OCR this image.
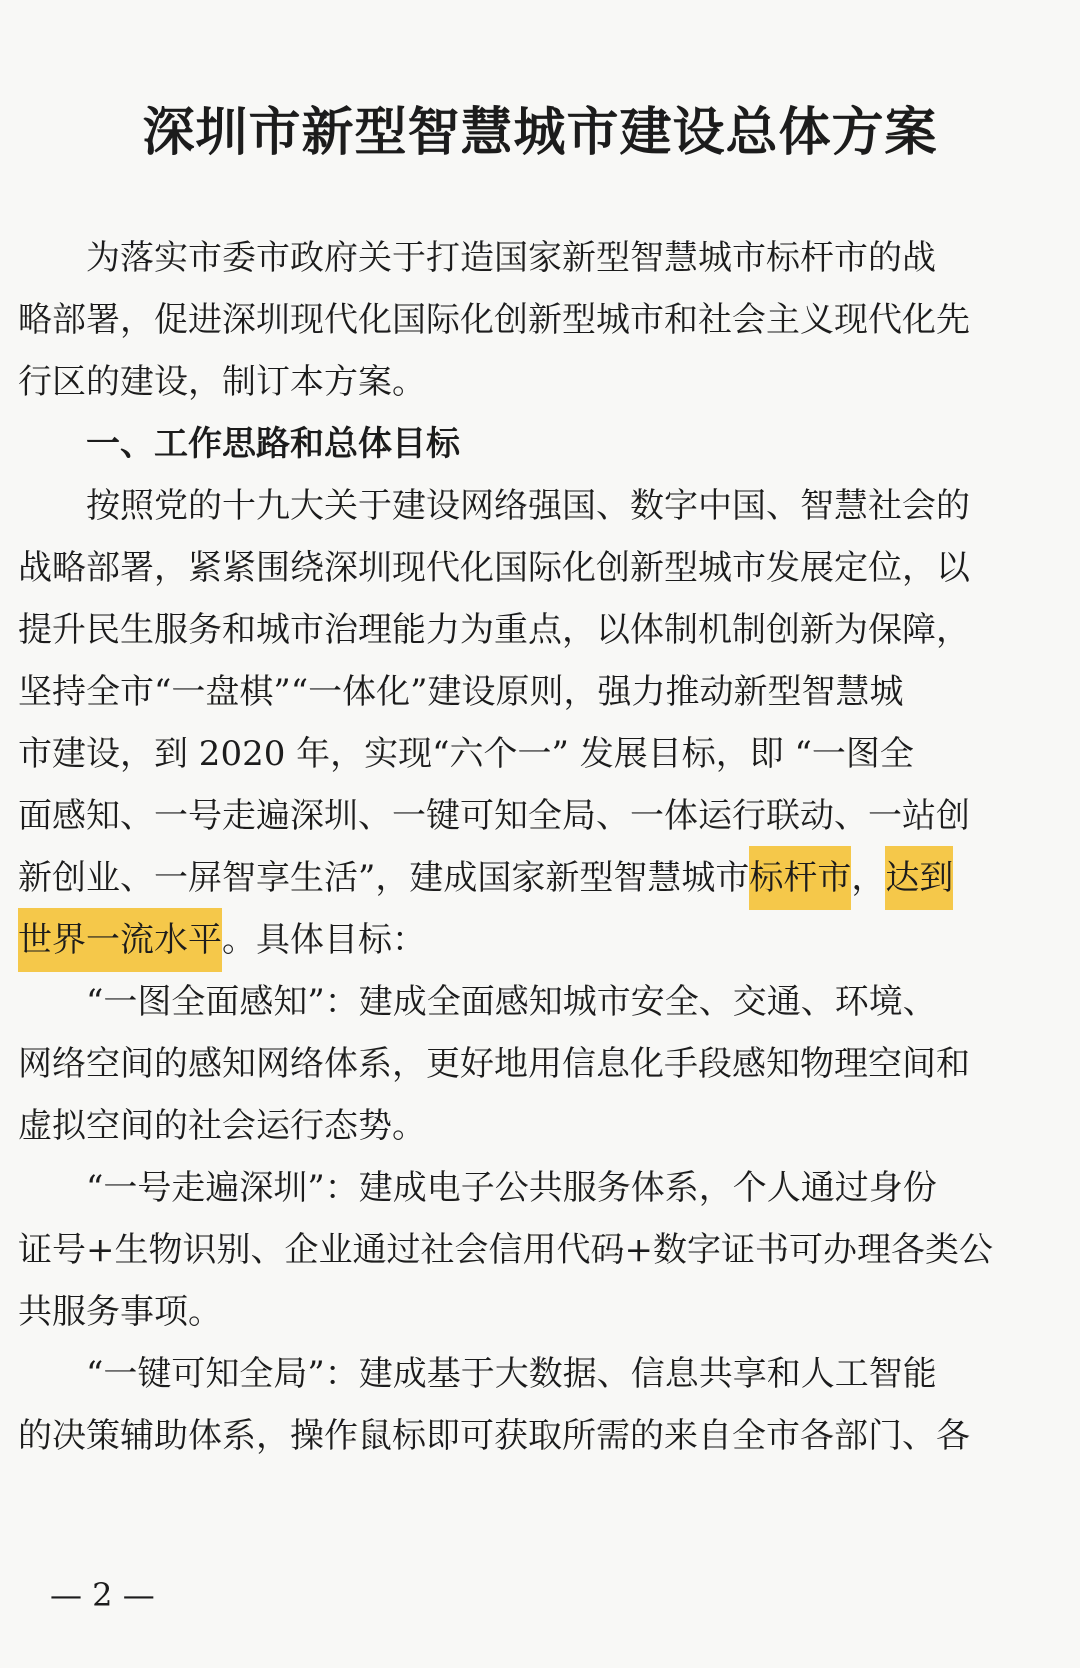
深圳市新型智慧城市建设总体方案
　　为落实市委市政府关于打造国家新型智慧城市标杆市的战
略部署，促进深圳现代化国际化创新型城市和社会主义现代化先
行区的建设，制订本方案。
　　一、工作思路和总体目标
　　按照党的十九大关于建设网络强国、数字中国、智慧社会的
战略部署，紧紧围绕深圳现代化国际化创新型城市发展定位，以
提升民生服务和城市治理能力为重点，以体制机制创新为保障，
坚持全市“一盘棋”“一体化”建设原则，强力推动新型智慧城
市建设，到 2020 年，实现“六个一” 发展目标，即 “一图全
面感知、一号走遍深圳、一键可知全局、一体运行联动、一站创
新创业、一屏智享生活”，建成国家新型智慧城市标杆市，达到
世界一流水平。具体目标：
　　“一图全面感知”：建成全面感知城市安全、交通、环境、
网络空间的感知网络体系，更好地用信息化手段感知物理空间和
虚拟空间的社会运行态势。
　　“一号走遍深圳”：建成电子公共服务体系，个人通过身份
证号+生物识别、企业通过社会信用代码+数字证书可办理各类公
共服务事项。
　　“一键可知全局”：建成基于大数据、信息共享和人工智能
的决策辅助体系，操作鼠标即可获取所需的来自全市各部门、各
— 2 —
